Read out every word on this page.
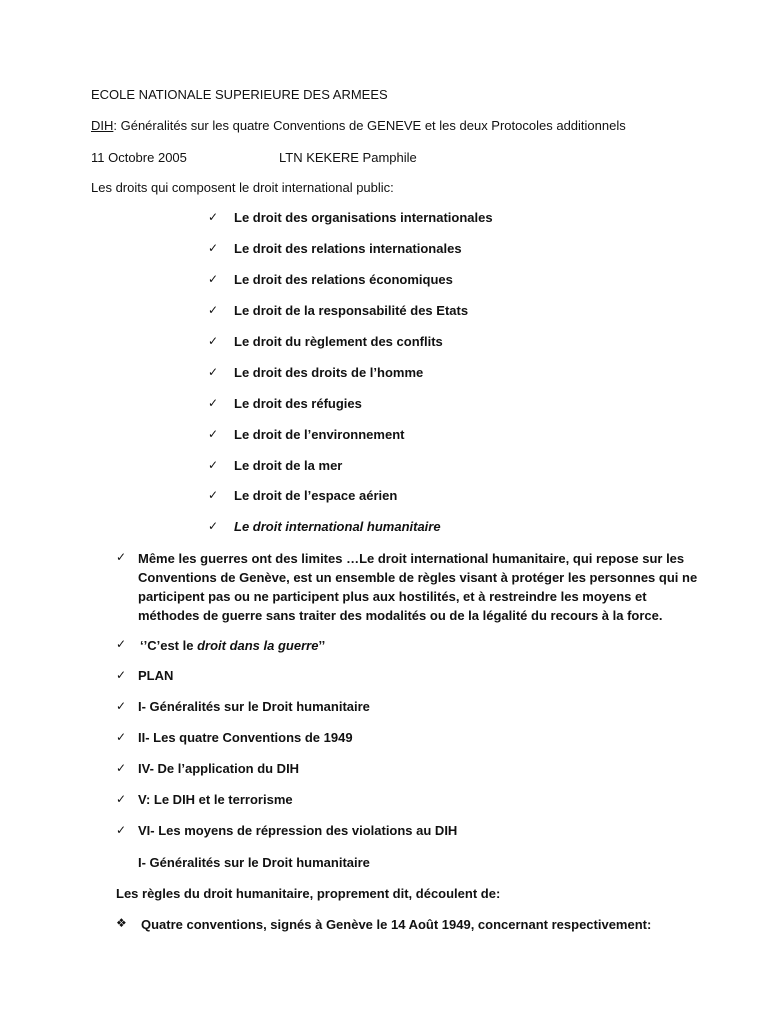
ECOLE NATIONALE SUPERIEURE DES ARMEES
DIH: Généralités sur les quatre Conventions de GENEVE et les deux Protocoles additionnels
11 Octobre 2005	LTN KEKERE Pamphile
Les droits qui composent le droit international public:
✓	Le droit des organisations internationales
✓	Le droit des relations internationales
✓	Le droit des relations économiques
✓	Le droit de la responsabilité des Etats
✓	Le droit du règlement des conflits
✓	Le droit des droits de l’homme
✓	Le droit des réfugies
✓	Le droit de l’environnement
✓	Le droit de la mer
✓	Le droit de l’espace aérien
✓	Le droit international humanitaire
✓ Même les guerres ont des limites …Le droit international humanitaire, qui repose sur les Conventions de Genève, est un ensemble de règles visant à protéger les personnes qui ne participent pas ou ne participent plus aux hostilités, et à restreindre les moyens et méthodes de guerre sans traiter des modalités ou de la légalité du recours à la force.
✓	‘’C’est le droit dans la guerre’’
✓ PLAN
✓ I- Généralités sur le Droit humanitaire
✓ II- Les quatre Conventions de 1949
✓ IV- De l’application du DIH
✓ V: Le DIH et le terrorisme
✓ VI- Les moyens de répression des violations au DIH
I- Généralités sur le Droit humanitaire
Les règles du droit humanitaire, proprement dit, découlent de:
❖ Quatre conventions, signés à Genève le 14 Août 1949, concernant respectivement:
